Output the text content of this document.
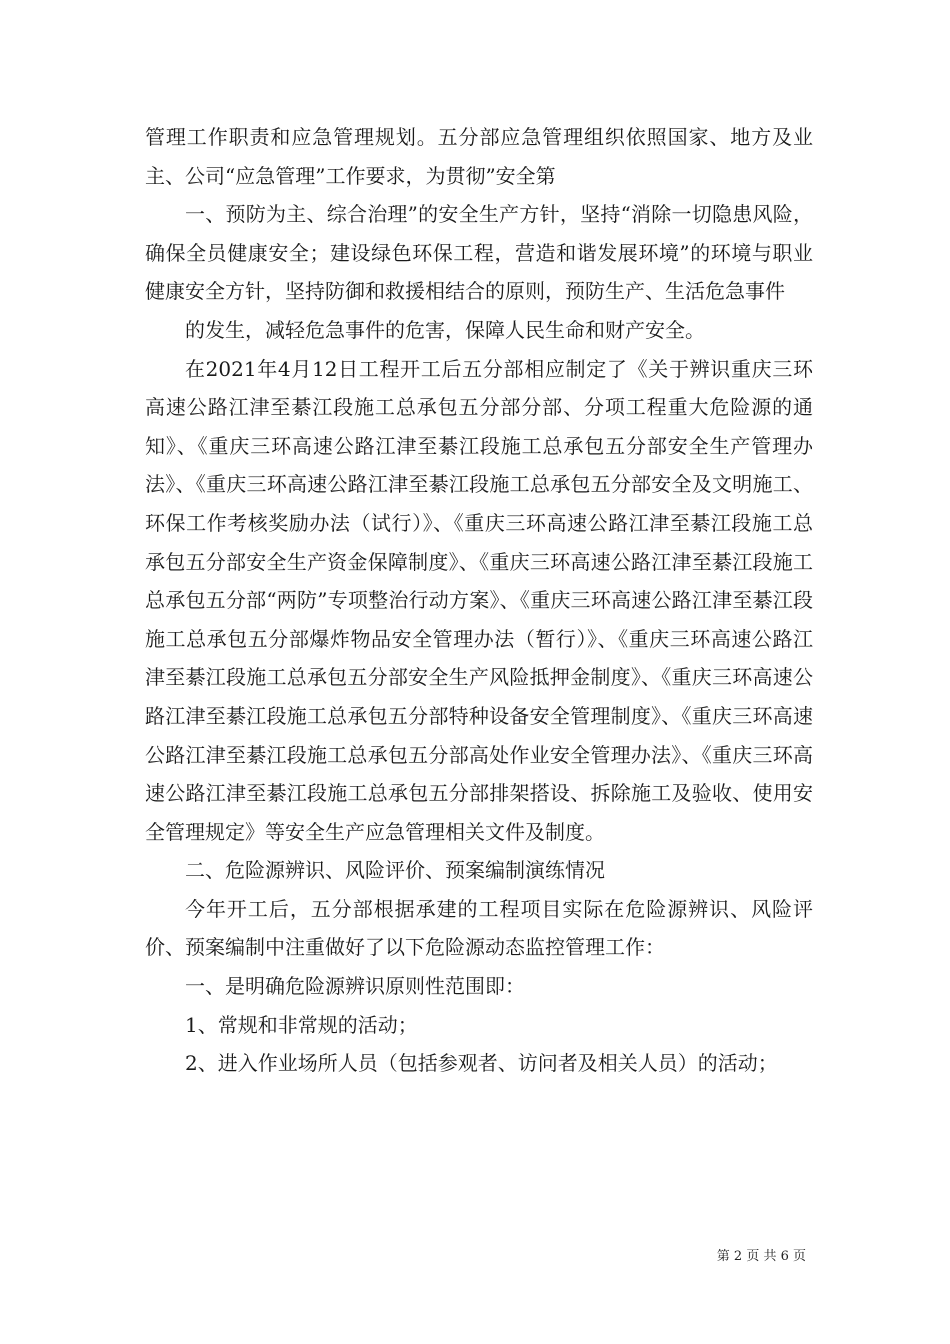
管理工作职责和应急管理规划。五分部应急管理组织依照国家、地方及业主、公司“应急管理”工作要求，为贯彻”安全第

一、预防为主、综合治理”的安全生产方针，坚持“消除一切隐患风险，确保全员健康安全；建设绿色环保工程，营造和谐发展环境”的环境与职业健康安全方针，坚持防御和救援相结合的原则，预防生产、生活危急事件

的发生，减轻危急事件的危害，保障人民生命和财产安全。

在2021年4月12日工程开工后五分部相应制定了《关于辨识重庆三环高速公路江津至綦江段施工总承包五分部分部、分项工程重大危险源的通知》、《重庆三环高速公路江津至綦江段施工总承包五分部安全生产管理办法》、《重庆三环高速公路江津至綦江段施工总承包五分部安全及文明施工、环保工作考核奖励办法（试行）》、《重庆三环高速公路江津至綦江段施工总承包五分部安全生产资金保障制度》、《重庆三环高速公路江津至綦江段施工总承包五分部“两防”专项整治行动方案》、《重庆三环高速公路江津至綦江段施工总承包五分部爆炸物品安全管理办法（暂行）》、《重庆三环高速公路江津至綦江段施工总承包五分部安全生产风险抵押金制度》、《重庆三环高速公路江津至綦江段施工总承包五分部特种设备安全管理制度》、《重庆三环高速公路江津至綦江段施工总承包五分部高处作业安全管理办法》、《重庆三环高速公路江津至綦江段施工总承包五分部排架搭设、拆除施工及验收、使用安全管理规定》等安全生产应急管理相关文件及制度。

二、危险源辨识、风险评价、预案编制演练情况

今年开工后，五分部根据承建的工程项目实际在危险源辨识、风险评价、预案编制中注重做好了以下危险源动态监控管理工作：

一、是明确危险源辨识原则性范围即：

1、常规和非常规的活动；

2、进入作业场所人员（包括参观者、访问者及相关人员）的活动；

第 2 页 共 6 页
